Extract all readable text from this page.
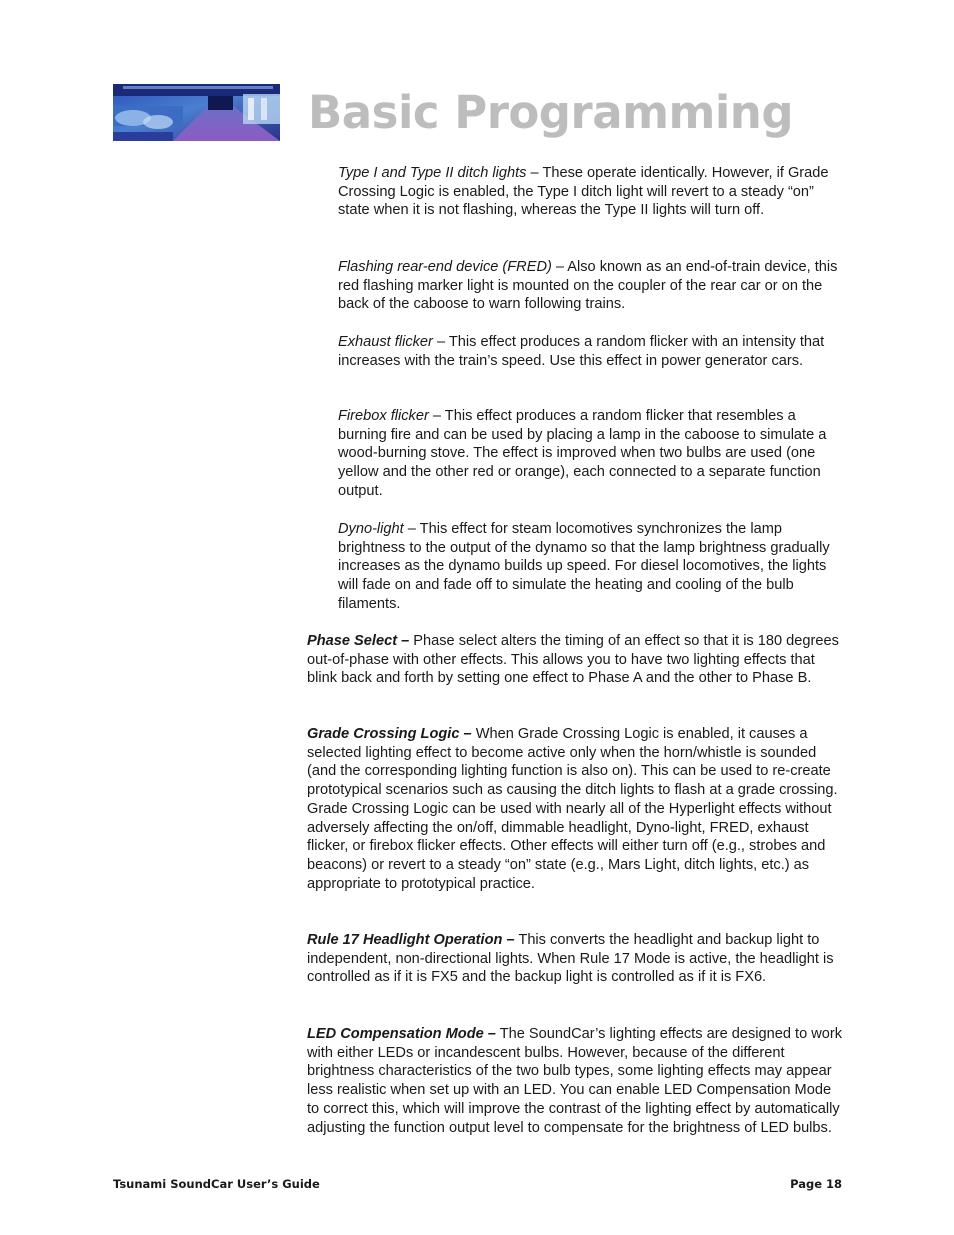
Basic Programming

Type I and Type II ditch lights – These operate identically. However, if Grade Crossing Logic is enabled, the Type I ditch light will revert to a steady “on” state when it is not flashing, whereas the Type II lights will turn off.

Flashing rear-end device (FRED) – Also known as an end-of-train device, this red flashing marker light is mounted on the coupler of the rear car or on the back of the caboose to warn following trains.

Exhaust flicker – This effect produces a random flicker with an intensity that increases with the train’s speed. Use this effect in power generator cars.

Firebox flicker – This effect produces a random flicker that resembles a burning fire and can be used by placing a lamp in the caboose to simulate a wood-burning stove. The effect is improved when two bulbs are used (one yellow and the other red or orange), each connected to a separate function output.

Dyno-light – This effect for steam locomotives synchronizes the lamp brightness to the output of the dynamo so that the lamp brightness gradually increases as the dynamo builds up speed. For diesel locomotives, the lights will fade on and fade off to simulate the heating and cooling of the bulb filaments.

Phase Select – Phase select alters the timing of an effect so that it is 180 degrees out-of-phase with other effects. This allows you to have two lighting effects that blink back and forth by setting one effect to Phase A and the other to Phase B.

Grade Crossing Logic – When Grade Crossing Logic is enabled, it causes a selected lighting effect to become active only when the horn/whistle is sounded (and the corresponding lighting function is also on). This can be used to re-create prototypical scenarios such as causing the ditch lights to flash at a grade crossing. Grade Crossing Logic can be used with nearly all of the Hyperlight effects without adversely affecting the on/off, dimmable headlight, Dyno-light, FRED, exhaust flicker, or firebox flicker effects. Other effects will either turn off (e.g., strobes and beacons) or revert to a steady “on” state (e.g., Mars Light, ditch lights, etc.) as appropriate to prototypical practice.

Rule 17 Headlight Operation – This converts the headlight and backup light to independent, non-directional lights. When Rule 17 Mode is active, the headlight is controlled as if it is FX5 and the backup light is controlled as if it is FX6.

LED Compensation Mode – The SoundCar’s lighting effects are designed to work with either LEDs or incandescent bulbs. However, because of the different brightness characteristics of the two bulb types, some lighting effects may appear less realistic when set up with an LED. You can enable LED Compensation Mode to correct this, which will improve the contrast of the lighting effect by automatically adjusting the function output level to compensate for the brightness of LED bulbs.

Tsunami SoundCar User’s Guide	Page 18
